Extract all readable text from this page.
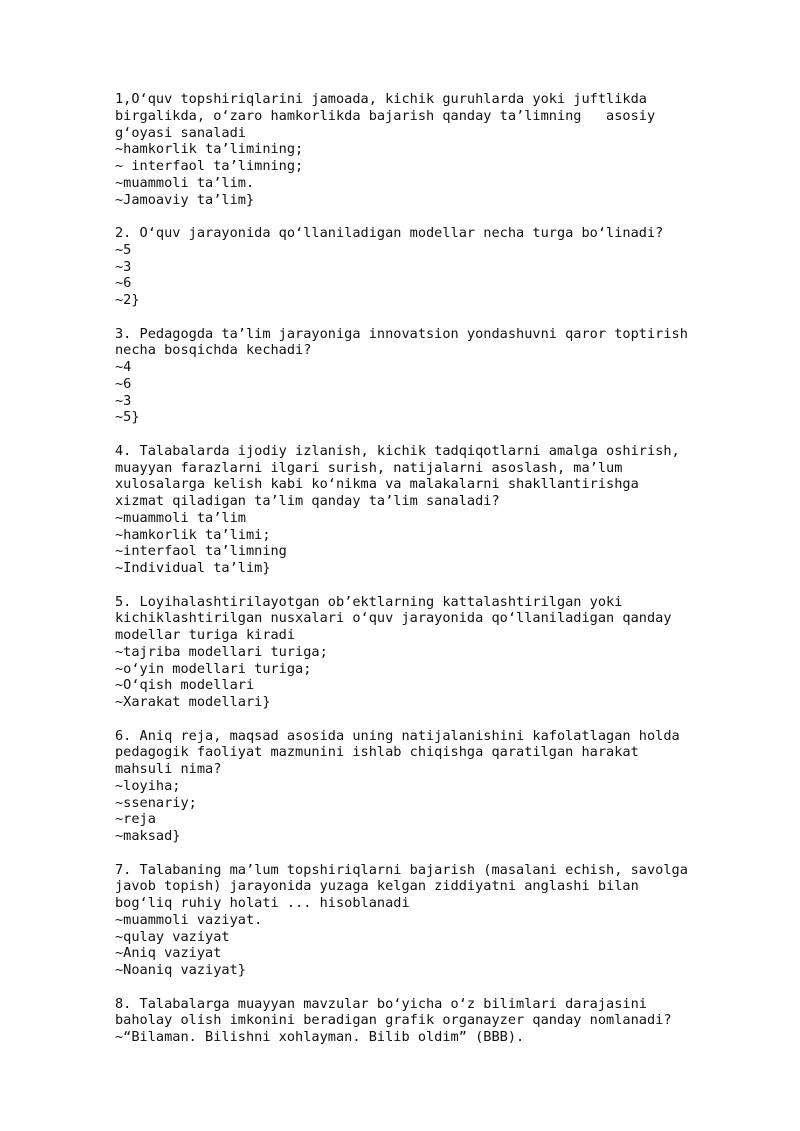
1,O‘quv topshiriqlarini jamoada, kichik guruhlarda yoki juftlikda
birgalikda, o‘zaro hamkorlikda bajarish qanday ta’limning   asosiy
g‘oyasi sanaladi
~hamkorlik ta’limining;
~ interfaol ta’limning;
~muammoli ta’lim.
~Jamoaviy ta’lim}
2. O‘quv jarayonida qo‘llaniladigan modellar necha turga bo‘linadi?
~5
~3
~6
~2}
3. Pedagogda ta’lim jarayoniga innovatsion yondashuvni qaror toptirish
necha bosqichda kechadi?
~4
~6
~3
~5}
4. Talabalarda ijodiy izlanish, kichik tadqiqotlarni amalga oshirish,
muayyan farazlarni ilgari surish, natijalarni asoslash, ma’lum
xulosalarga kelish kabi ko‘nikma va malakalarni shakllantirishga
xizmat qiladigan ta’lim qanday ta’lim sanaladi?
~muammoli ta’lim
~hamkorlik ta’limi;
~interfaol ta’limning
~Individual ta’lim}
5. Loyihalashtirilayotgan ob’ektlarning kattalashtirilgan yoki
kichiklashtirilgan nusxalari o‘quv jarayonida qo‘llaniladigan qanday
modellar turiga kiradi
~tajriba modellari turiga;
~o‘yin modellari turiga;
~O‘qish modellari
~Xarakat modellari}
6. Aniq reja, maqsad asosida uning natijalanishini kafolatlagan holda
pedagogik faoliyat mazmunini ishlab chiqishga qaratilgan harakat
mahsuli nima?
~loyiha;
~ssenariy;
~reja
~maksad}
7. Talabaning ma’lum topshiriqlarni bajarish (masalani echish, savolga
javob topish) jarayonida yuzaga kelgan ziddiyatni anglashi bilan
bog‘liq ruhiy holati ... hisoblanadi
~muammoli vaziyat.
~qulay vaziyat
~Aniq vaziyat
~Noaniq vaziyat}
8. Talabalarga muayyan mavzular bo‘yicha o‘z bilimlari darajasini
baholay olish imkonini beradigan grafik organayzer qanday nomlanadi?
~“Bilaman. Bilishni xohlayman. Bilib oldim” (BBB).
